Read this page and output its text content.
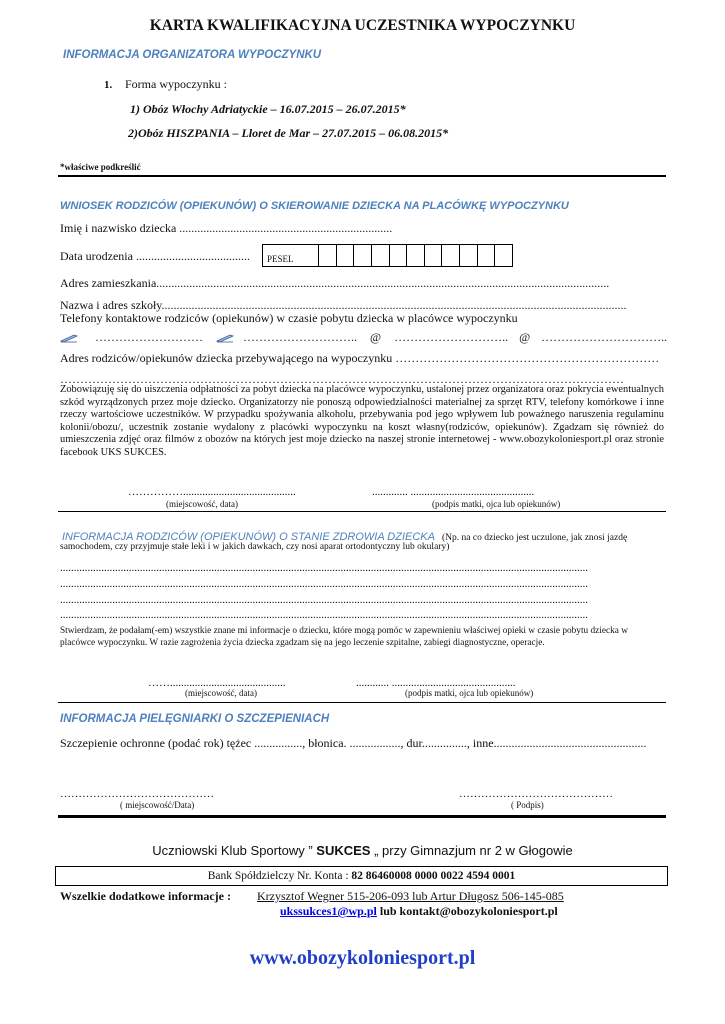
KARTA KWALIFIKACYJNA UCZESTNIKA WYPOCZYNKU
INFORMACJA ORGANIZATORA WYPOCZYNKU
1. Forma wypoczynku :
1) Obóz Włochy Adriatyckie – 16.07.2015 – 26.07.2015*
2)Obóz HISZPANIA – Lloret de Mar – 27.07.2015 – 06.08.2015*
*właściwe podkreślić
WNIOSEK RODZICÓW (OPIEKUNÓW) O SKIEROWANIE DZIECKA NA PLACÓWKĘ WYPOCZYNKU
Imię i nazwisko dziecka .......................................................................
Data urodzenia ......................................	PESEL
Adres zamieszkania.......................................................................................................................................................
Nazwa i adres szkoły...........................................................................................................................................................
Telefony kontaktowe rodziców (opiekunów) w czasie pobytu dziecka w placówce wypoczynku
………………………	……………………….. @ ……………………….. @ …………………………..
Adres rodziców/opiekunów dziecka przebywającego na wypoczynku …………………………………………………………
……………………………………………………………………………………………………………………………
Zobowiązuję się do uiszczenia odpłatności za pobyt dziecka na placówce wypoczynku, ustalonej przez organizatora oraz pokrycia ewentualnych szkód wyrządzonych przez moje dziecko. Organizatorzy nie ponoszą odpowiedzialności materialnej za sprzęt RTV, telefony komórkowe i inne rzeczy wartościowe uczestników. W przypadku spożywania alkoholu, przebywania pod jego wpływem lub poważnego naruszenia regulaminu kolonii/obozu/, uczestnik zostanie wydalony z placówki wypoczynku na koszt własny(rodziców, opiekunów). Zgadzam się również do umieszczenia zdjęć oraz filmów z obozów na których jest moje dziecko na naszej stronie internetowej - www.obozykoloniesport.pl oraz stronie facebook UKS SUKCES.
…………….........................................
(miejscowość, data)
............. .............................................
(podpis matki, ojca lub opiekunów)
INFORMACJA RODZICÓW (OPIEKUNÓW) O STANIE ZDROWIA DZIECKA (Np. na co dziecko jest uczulone, jak znosi jazdę
samochodem, czy przyjmuje stałe leki i w jakich dawkach, czy nosi aparat ortodontyczny lub okulary)
................................................................................................................................................................................................
................................................................................................................................................................................................
................................................................................................................................................................................................
................................................................................................................................................................................................
Stwierdzam, że podałam(-em) wszystkie znane mi informacje o dziecku, które mogą pomóc w zapewnieniu właściwej opieki w czasie pobytu dziecka w placówce wypoczynku. W razie zagrożenia życia dziecka zgadzam się na jego leczenie szpitalne, zabiegi diagnostyczne, operacje.
……..........................................
(miejscowość, data)
............ .............................................
(podpis matki, ojca lub opiekunów)
INFORMACJA PIELĘGNIARKI O SZCZEPIENIACH
Szczepienie ochronne (podać rok) tężec ................, błonica. ................., dur..............., inne...................................................
……………………………………
( miejscowość/Data)
……………………………………
( Podpis)
Uczniowski Klub Sportowy ” SUKCES „ przy Gimnazjum nr 2 w Głogowie
Bank Spółdzielczy Nr. Konta : 82 86460008 0000 0022 4594 0001
Wszelkie dodatkowe informacje : Krzysztof Wegner 515-206-093 lub Artur Długosz 506-145-085
ukssukces1@wp.pl lub kontakt@obozykoloniesport.pl
www.obozykoloniesport.pl
